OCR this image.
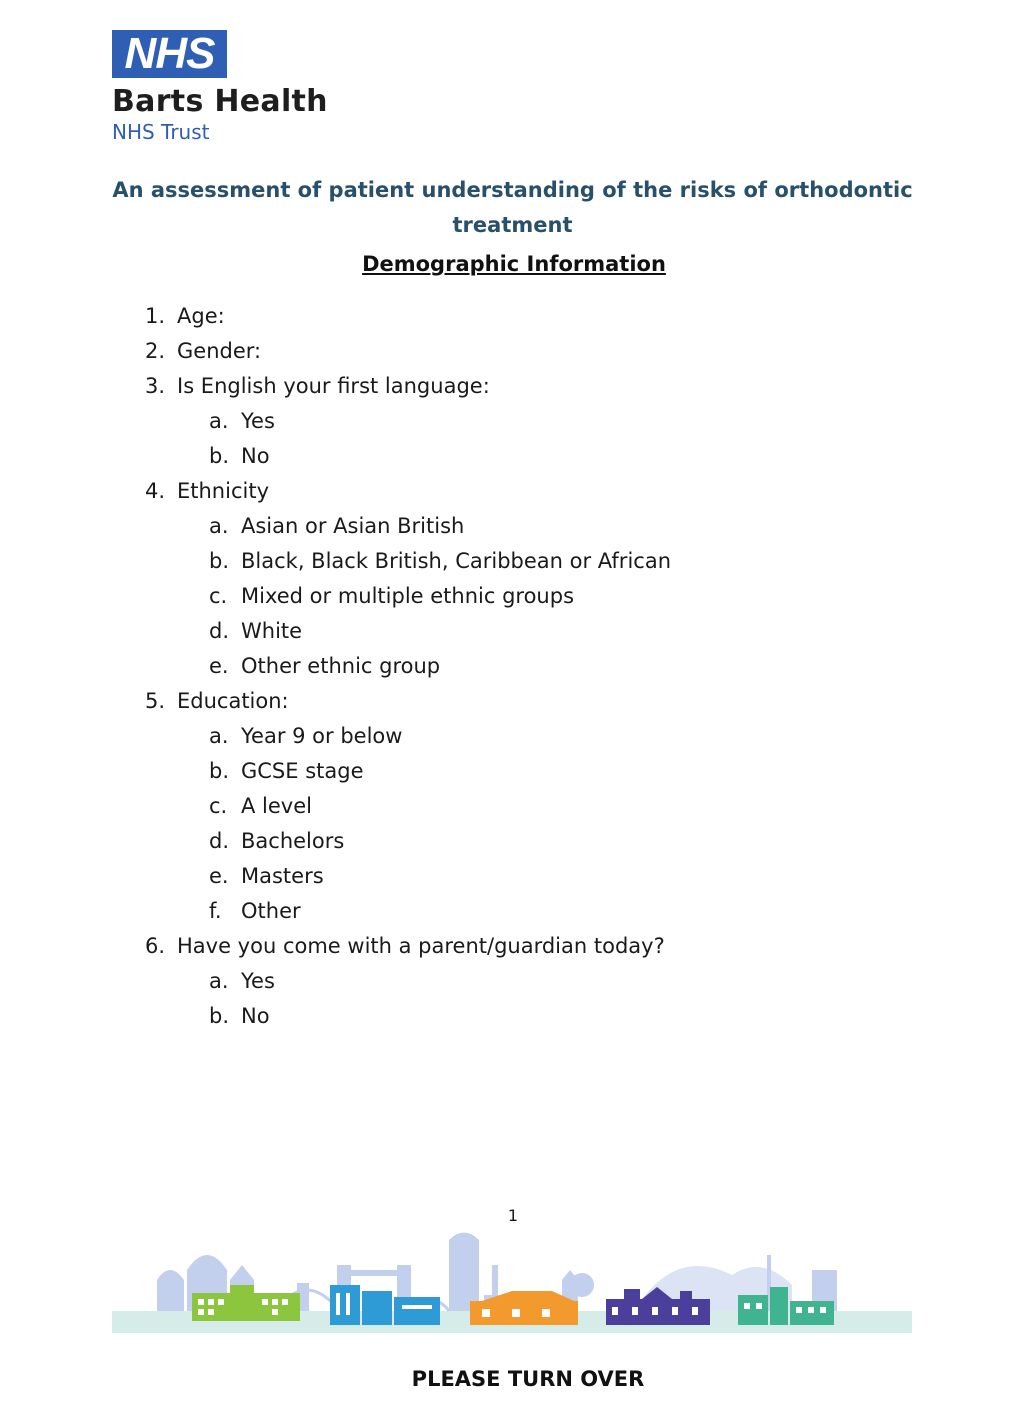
NHS
Barts Health
NHS Trust
An assessment of patient understanding of the risks of orthodontic treatment
Demographic Information
1. Age:
2. Gender:
3. Is English your first language:
a. Yes
b. No
4. Ethnicity
a. Asian or Asian British
b. Black, Black British, Caribbean or African
c. Mixed or multiple ethnic groups
d. White
e. Other ethnic group
5. Education:
a. Year 9 or below
b. GCSE stage
c. A level
d. Bachelors
e. Masters
f. Other
6. Have you come with a parent/guardian today?
a. Yes
b. No
1
PLEASE TURN OVER
